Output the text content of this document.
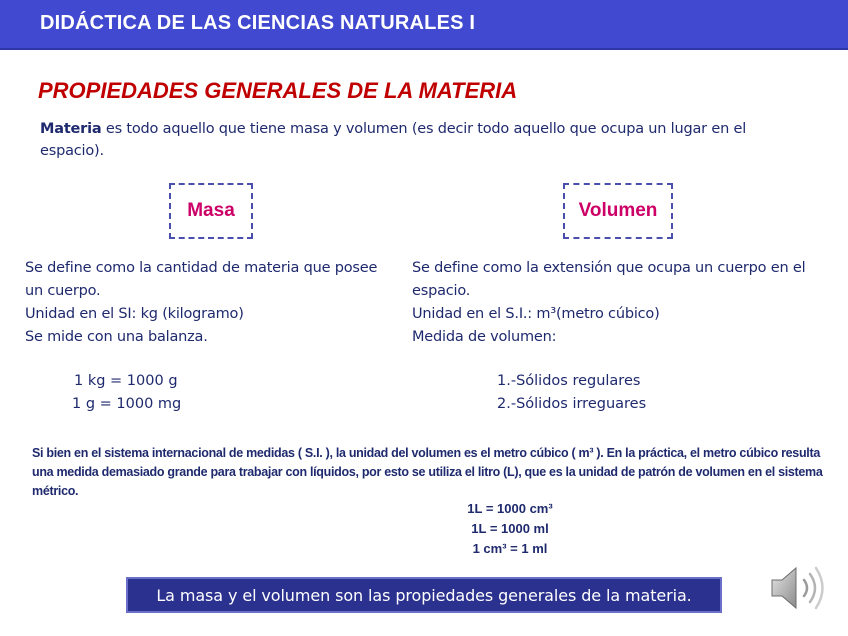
DIDÁCTICA DE LAS CIENCIAS NATURALES I
PROPIEDADES GENERALES DE LA MATERIA
Materia es todo aquello que tiene masa y volumen (es decir todo aquello que ocupa un lugar en el espacio).
Masa	Volumen
Se define como la cantidad de materia que posee un cuerpo.
Unidad en el SI: kg (kilogramo)
Se mide con una balanza.
Se define como la extensión que ocupa un cuerpo en el espacio.
Unidad en el S.I.: m³(metro cúbico)
Medida de volumen:
1 kg = 1000 g
1 g = 1000 mg
1.-Sólidos regulares
2.-Sólidos irreguares
Si bien en el sistema internacional de medidas ( S.I. ), la unidad del volumen es el metro cúbico ( m³ ). En la práctica, el metro cúbico resulta una medida demasiado grande para trabajar con líquidos, por esto se utiliza el litro (L), que es la unidad de patrón de volumen en el sistema métrico.
1L = 1000 cm³
1L = 1000 ml
1 cm³ = 1 ml
La masa y el volumen son las propiedades generales de la materia.
